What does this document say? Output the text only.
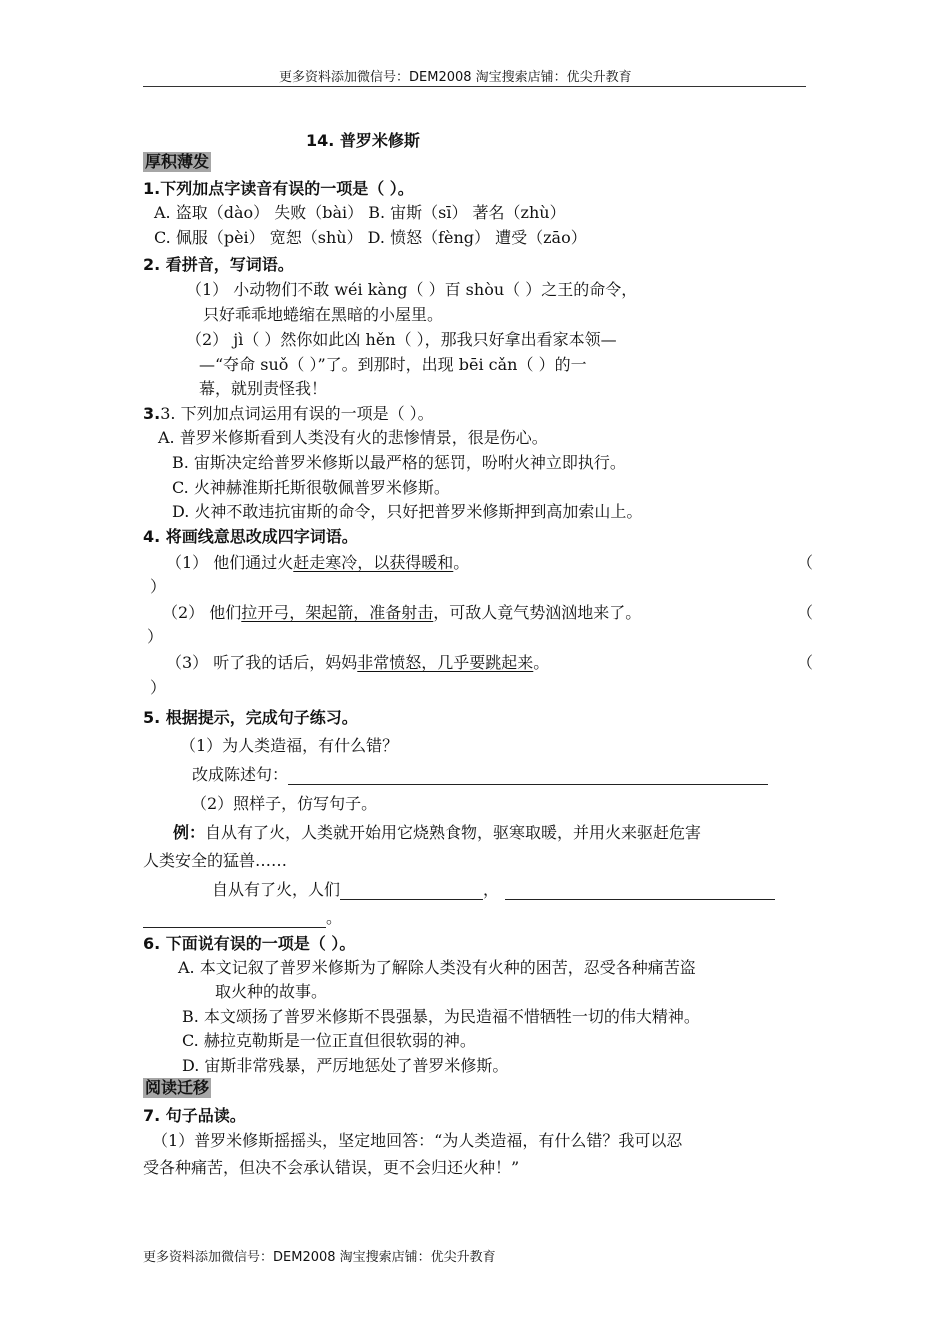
更多资料添加微信号：DEM2008 淘宝搜索店铺：优尖升教育
14. 普罗米修斯
厚积薄发
1.下列加点字读音有误的一项是（ ）。
A. 盗取（dào） 失败（bài） B. 宙斯（sī） 著名（zhù）
C. 佩服（pèi） 宽恕（shù） D. 愤怒（fèng） 遭受（zāo）
2. 看拼音，写词语。
（1） 小动物们不敢 wéi kàng（ ）百 shòu（ ）之王的命令，
只好乖乖地蜷缩在黑暗的小屋里。
（2） jì（ ）然你如此凶 hěn（ ），那我只好拿出看家本领—
—“夺命 suǒ（ ）”了。到那时，出现 bēi cǎn（ ）的一
幕，就别责怪我！
3.3. 下列加点词运用有误的一项是（ ）。
A. 普罗米修斯看到人类没有火的悲惨情景，很是伤心。
B. 宙斯决定给普罗米修斯以最严格的惩罚，吩咐火神立即执行。
C. 火神赫淮斯托斯很敬佩普罗米修斯。
D. 火神不敢违抗宙斯的命令，只好把普罗米修斯押到高加索山上。
4. 将画线意思改成四字词语。
（1） 他们通过火赶走寒冷，以获得暖和。	（
）
（2） 他们拉开弓，架起箭，准备射击，可敌人竟气势汹汹地来了。	（
）
（3） 听了我的话后，妈妈非常愤怒，几乎要跳起来。	（
）
5. 根据提示，完成句子练习。
（1）为人类造福，有什么错？
改成陈述句：
（2）照样子，仿写句子。
例：自从有了火，人类就开始用它烧熟食物，驱寒取暖，并用火来驱赶危害
人类安全的猛兽……
自从有了火，人们	，
。
6. 下面说有误的一项是（ ）。
A. 本文记叙了普罗米修斯为了解除人类没有火种的困苦，忍受各种痛苦盗
取火种的故事。
B. 本文颂扬了普罗米修斯不畏强暴，为民造福不惜牺牲一切的伟大精神。
C. 赫拉克勒斯是一位正直但很软弱的神。
D. 宙斯非常残暴，严厉地惩处了普罗米修斯。
阅读迁移
7. 句子品读。
（1）普罗米修斯摇摇头，坚定地回答：“为人类造福，有什么错？我可以忍
受各种痛苦，但决不会承认错误，更不会归还火种！”
更多资料添加微信号：DEM2008 淘宝搜索店铺：优尖升教育
